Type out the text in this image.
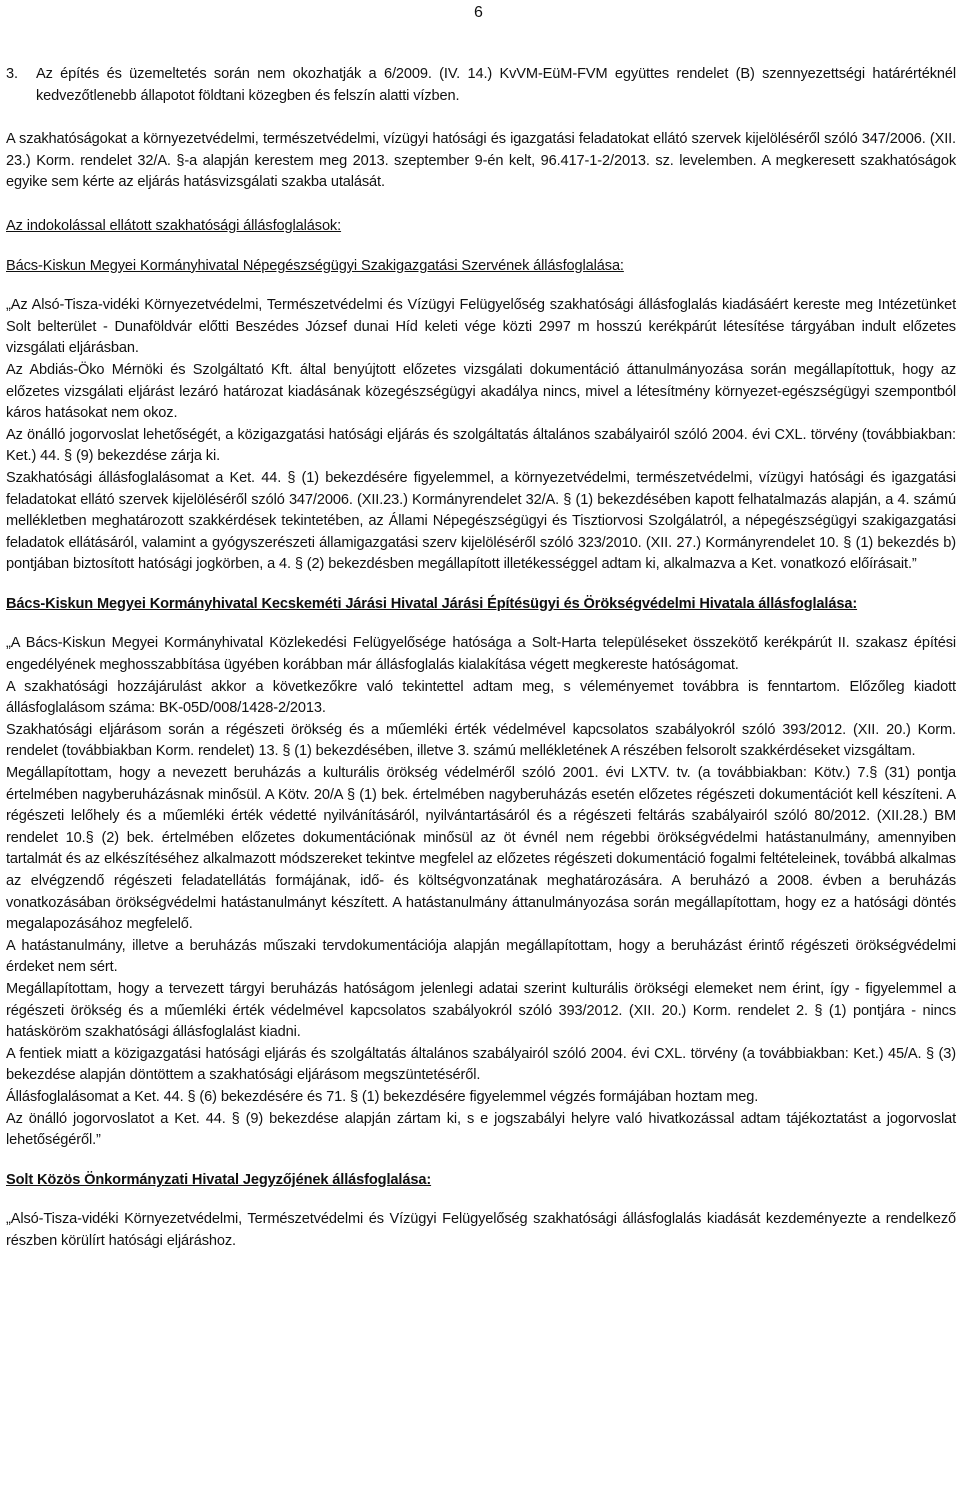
6

3. Az építés és üzemeltetés során nem okozhatják a 6/2009. (IV. 14.) KvVM-EüM-FVM együttes rendelet (B) szennyezettségi határértéknél kedvezőtlenebb állapotot földtani közegben és felszín alatti vízben.

A szakhatóságokat a környezetvédelmi, természetvédelmi, vízügyi hatósági és igazgatási feladatokat ellátó szervek kijelöléséről szóló 347/2006. (XII. 23.) Korm. rendelet 32/A. §-a alapján kerestem meg 2013. szeptember 9-én kelt, 96.417-1-2/2013. sz. levelemben. A megkeresett szakhatóságok egyike sem kérte az eljárás hatásvizsgálati szakba utalását.

Az indokolással ellátott szakhatósági állásfoglalások:

Bács-Kiskun Megyei Kormányhivatal Népegészségügyi Szakigazgatási Szervének állásfoglalása:

„Az Alsó-Tisza-vidéki Környezetvédelmi, Természetvédelmi és Vízügyi Felügyelőség szakhatósági állásfoglalás kiadásáért kereste meg Intézetünket Solt belterület - Dunaföldvár előtti Beszédes József dunai Híd keleti vége közti 2997 m hosszú kerékpárút létesítése tárgyában indult előzetes vizsgálati eljárásban.

Az Abdiás-Öko Mérnöki és Szolgáltató Kft. által benyújtott előzetes vizsgálati dokumentáció áttanulmányozása során megállapítottuk, hogy az előzetes vizsgálati eljárást lezáró határozat kiadásának közegészségügyi akadálya nincs, mivel a létesítmény környezet-egészségügyi szempontból káros hatásokat nem okoz.

Az önálló jogorvoslat lehetőségét, a közigazgatási hatósági eljárás és szolgáltatás általános szabályairól szóló 2004. évi CXL. törvény (továbbiakban: Ket.) 44. § (9) bekezdése zárja ki.

Szakhatósági állásfoglalásomat a Ket. 44. § (1) bekezdésére figyelemmel, a környezetvédelmi, természetvédelmi, vízügyi hatósági és igazgatási feladatokat ellátó szervek kijelöléséről szóló 347/2006. (XII.23.) Kormányrendelet 32/A. § (1) bekezdésében kapott felhatalmazás alapján, a 4. számú mellékletben meghatározott szakkérdések tekintetében, az Állami Népegészségügyi és Tisztiorvosi Szolgálatról, a népegészségügyi szakigazgatási feladatok ellátásáról, valamint a gyógyszerészeti államigazgatási szerv kijelöléséről szóló 323/2010. (XII. 27.) Kormányrendelet 10. § (1) bekezdés b) pontjában biztosított hatósági jogkörben, a 4. § (2) bekezdésben megállapított illetékességgel adtam ki, alkalmazva a Ket. vonatkozó előírásait.”

Bács-Kiskun Megyei Kormányhivatal Kecskeméti Járási Hivatal Járási Építésügyi és Örökségvédelmi Hivatala állásfoglalása:

„A Bács-Kiskun Megyei Kormányhivatal Közlekedési Felügyelősége hatósága a Solt-Harta településeket összekötő kerékpárút II. szakasz építési engedélyének meghosszabbítása ügyében korábban már állásfoglalás kialakítása végett megkereste hatóságomat.

A szakhatósági hozzájárulást akkor a következőkre való tekintettel adtam meg, s véleményemet továbbra is fenntartom. Előzőleg kiadott állásfoglalásom száma: BK-05D/008/1428-2/2013.

Szakhatósági eljárásom során a régészeti örökség és a műemléki érték védelmével kapcsolatos szabályokról szóló 393/2012. (XII. 20.) Korm. rendelet (továbbiakban Korm. rendelet) 13. § (1) bekezdésében, illetve 3. számú mellékletének A részében felsorolt szakkérdéseket vizsgáltam.

Megállapítottam, hogy a nevezett beruházás a kulturális örökség védelméről szóló 2001. évi LXTV. tv. (a továbbiakban: Kötv.) 7.§ (31) pontja értelmében nagyberuházásnak minősül. A Kötv. 20/A § (1) bek. értelmében nagyberuházás esetén előzetes régészeti dokumentációt kell készíteni. A régészeti lelőhely és a műemléki érték védetté nyilvánításáról, nyilvántartásáról és a régészeti feltárás szabályairól szóló 80/2012. (XII.28.) BM rendelet 10.§ (2) bek. értelmében előzetes dokumentációnak minősül az öt évnél nem régebbi örökségvédelmi hatástanulmány, amennyiben tartalmát és az elkészítéséhez alkalmazott módszereket tekintve megfelel az előzetes régészeti dokumentáció fogalmi feltételeinek, továbbá alkalmas az elvégzendő régészeti feladatellátás formájának, idő- és költségvonzatának meghatározására. A beruházó a 2008. évben a beruházás vonatkozásában örökségvédelmi hatástanulmányt készített. A hatástanulmány áttanulmányozása során megállapítottam, hogy ez a hatósági döntés megalapozásához megfelelő.

A hatástanulmány, illetve a beruházás műszaki tervdokumentációja alapján megállapítottam, hogy a beruházást érintő régészeti örökségvédelmi érdeket nem sért.

Megállapítottam, hogy a tervezett tárgyi beruházás hatóságom jelenlegi adatai szerint kulturális örökségi elemeket nem érint, így - figyelemmel a régészeti örökség és a műemléki érték védelmével kapcsolatos szabályokról szóló 393/2012. (XII. 20.) Korm. rendelet 2. § (1) pontjára - nincs hatásköröm szakhatósági állásfoglalást kiadni.

A fentiek miatt a közigazgatási hatósági eljárás és szolgáltatás általános szabályairól szóló 2004. évi CXL. törvény (a továbbiakban: Ket.) 45/A. § (3) bekezdése alapján döntöttem a szakhatósági eljárásom megszüntetéséről.

Állásfoglalásomat a Ket. 44. § (6) bekezdésére és 71. § (1) bekezdésére figyelemmel végzés formájában hoztam meg.

Az önálló jogorvoslatot a Ket. 44. § (9) bekezdése alapján zártam ki, s e jogszabályi helyre való hivatkozással adtam tájékoztatást a jogorvoslat lehetőségéről.”

Solt Közös Önkormányzati Hivatal Jegyzőjének állásfoglalása:

„Alsó-Tisza-vidéki Környezetvédelmi, Természetvédelmi és Vízügyi Felügyelőség szakhatósági állásfoglalás kiadását kezdeményezte a rendelkező részben körülírt hatósági eljáráshoz.
